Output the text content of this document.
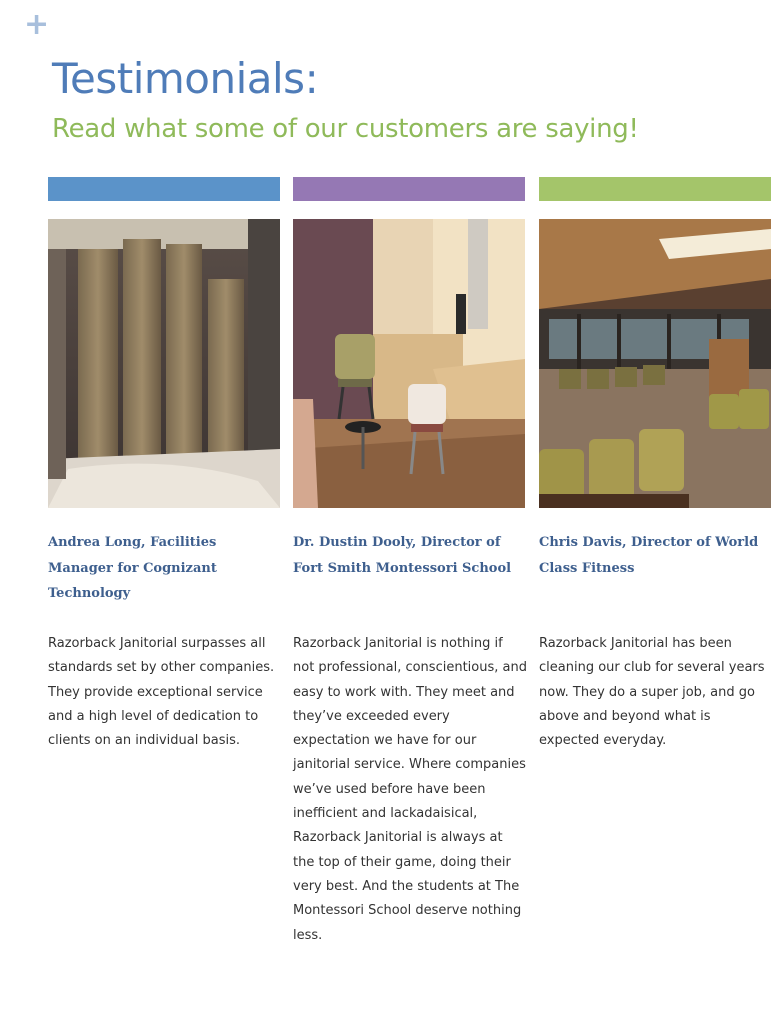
+
Testimonials:
Read what some of our customers are saying!
Andrea Long, Facilities Manager for Cognizant Technology
Razorback Janitorial surpasses all standards set by other companies. They provide exceptional service and a high level of dedication to clients on an individual basis.
Dr. Dustin Dooly, Director of Fort Smith Montessori School
Razorback Janitorial is nothing if not professional, conscientious, and easy to work with. They meet and they’ve exceeded every expectation we have for our janitorial service. Where companies we’ve used before have been inefficient and lackadaisical, Razorback Janitorial is always at the top of their game, doing their very best. And the students at The Montessori School deserve nothing less.
Chris Davis, Director of World Class Fitness
Razorback Janitorial has been cleaning our club for several years now. They do a super job, and go above and beyond what is expected everyday.
